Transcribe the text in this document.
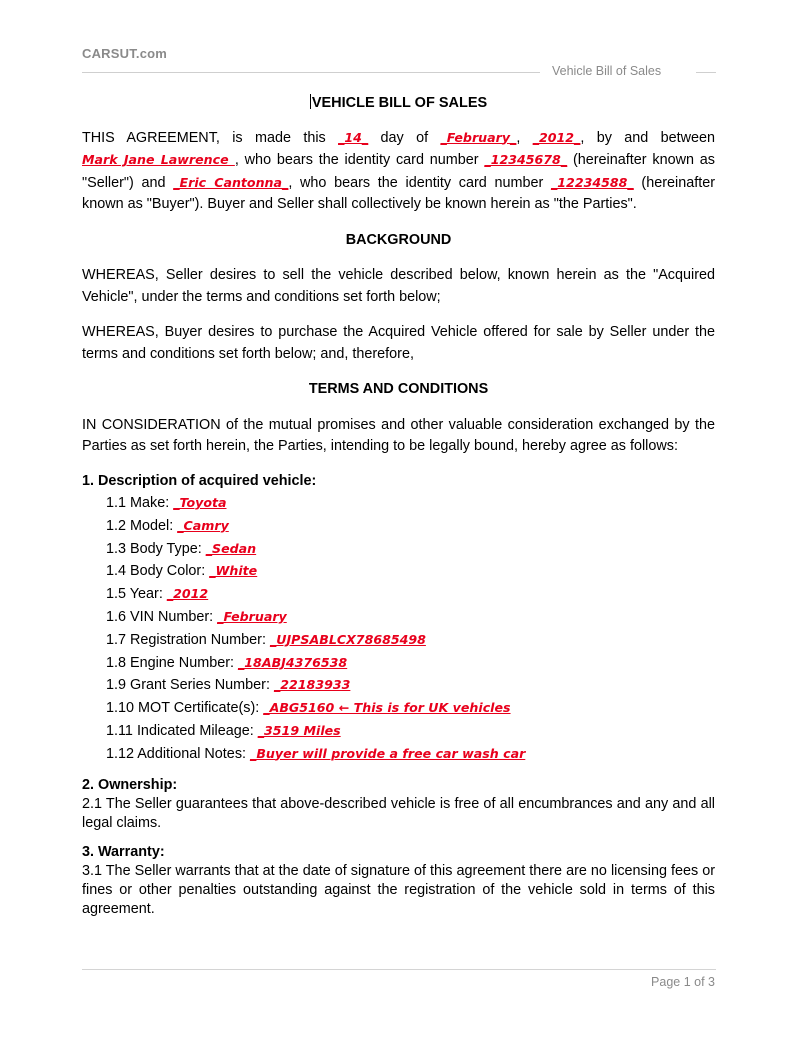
CARSUT.com
Vehicle Bill of Sales
VEHICLE BILL OF SALES

THIS AGREEMENT, is made this _14_ day of _February_, _2012_, by and between Mark Jane Lawrence , who bears the identity card number _12345678_ (hereinafter known as "Seller") and _Eric Cantonna_, who bears the identity card number _12234588_ (hereinafter known as "Buyer"). Buyer and Seller shall collectively be known herein as "the Parties".

BACKGROUND

WHEREAS, Seller desires to sell the vehicle described below, known herein as the "Acquired Vehicle", under the terms and conditions set forth below;

WHEREAS, Buyer desires to purchase the Acquired Vehicle offered for sale by Seller under the terms and conditions set forth below; and, therefore,

TERMS AND CONDITIONS

IN CONSIDERATION of the mutual promises and other valuable consideration exchanged by the Parties as set forth herein, the Parties, intending to be legally bound, hereby agree as follows:

1. Description of acquired vehicle:
1.1 Make: _Toyota
1.2 Model: _Camry
1.3 Body Type: _Sedan
1.4 Body Color: _White
1.5 Year: _2012
1.6 VIN Number: _February
1.7 Registration Number: _UJPSABLCX78685498
1.8 Engine Number: _18ABJ4376538
1.9 Grant Series Number: _22183933
1.10 MOT Certificate(s): _ABG5160 ← This is for UK vehicles
1.11 Indicated Mileage: _3519 Miles
1.12 Additional Notes: _Buyer will provide a free car wash car
2. Ownership:

2.1 The Seller guarantees that above-described vehicle is free of all encumbrances and any and all legal claims.

3. Warranty:

3.1 The Seller warrants that at the date of signature of this agreement there are no licensing fees or fines or other penalties outstanding against the registration of the vehicle sold in terms of this agreement.

Page 1 of 3
